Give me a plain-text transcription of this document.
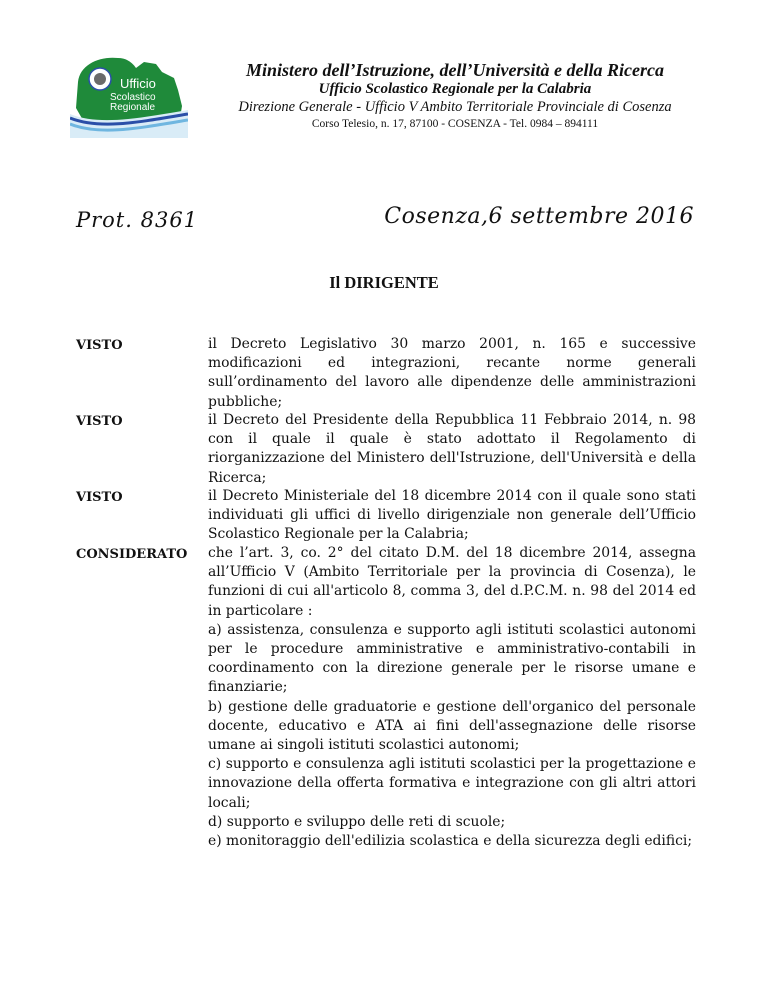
Ufficio
Scolastico
Regionale
Ministero dell’Istruzione, dell’Università e della Ricerca
Ufficio Scolastico Regionale per la Calabria
Direzione Generale - Ufficio V Ambito Territoriale Provinciale di Cosenza
Corso Telesio, n. 17, 87100 - COSENZA - Tel. 0984 – 894111
Prot. 8361	Cosenza,6 settembre 2016
Il DIRIGENTE
VISTO	il Decreto Legislativo 30 marzo 2001, n. 165 e successive modificazioni ed integrazioni, recante norme generali sull’ordinamento del lavoro alle dipendenze delle amministrazioni pubbliche;

VISTO	il Decreto del Presidente della Repubblica 11 Febbraio 2014, n. 98 con il quale il quale è stato adottato il Regolamento di riorganizzazione del Ministero dell'Istruzione, dell'Università e della Ricerca;

VISTO	il Decreto Ministeriale del 18 dicembre 2014 con il quale sono stati individuati gli uffici di livello dirigenziale non generale dell’Ufficio Scolastico Regionale per la Calabria;

CONSIDERATO che l’art. 3, co. 2° del citato D.M. del 18 dicembre 2014, assegna all’Ufficio V (Ambito Territoriale per la provincia di Cosenza), le funzioni di cui all'articolo 8, comma 3, del d.P.C.M. n. 98 del 2014 ed in particolare :

a) assistenza, consulenza e supporto agli istituti scolastici autonomi per le procedure amministrative e amministrativo-contabili in coordinamento con la direzione generale per le risorse umane e finanziarie;

b) gestione delle graduatorie e gestione dell'organico del personale docente, educativo e ATA ai fini dell'assegnazione delle risorse umane ai singoli istituti scolastici autonomi;

c) supporto e consulenza agli istituti scolastici per la progettazione e innovazione della offerta formativa e integrazione con gli altri attori locali;

d) supporto e sviluppo delle reti di scuole;

e) monitoraggio dell'edilizia scolastica e della sicurezza degli edifici;
